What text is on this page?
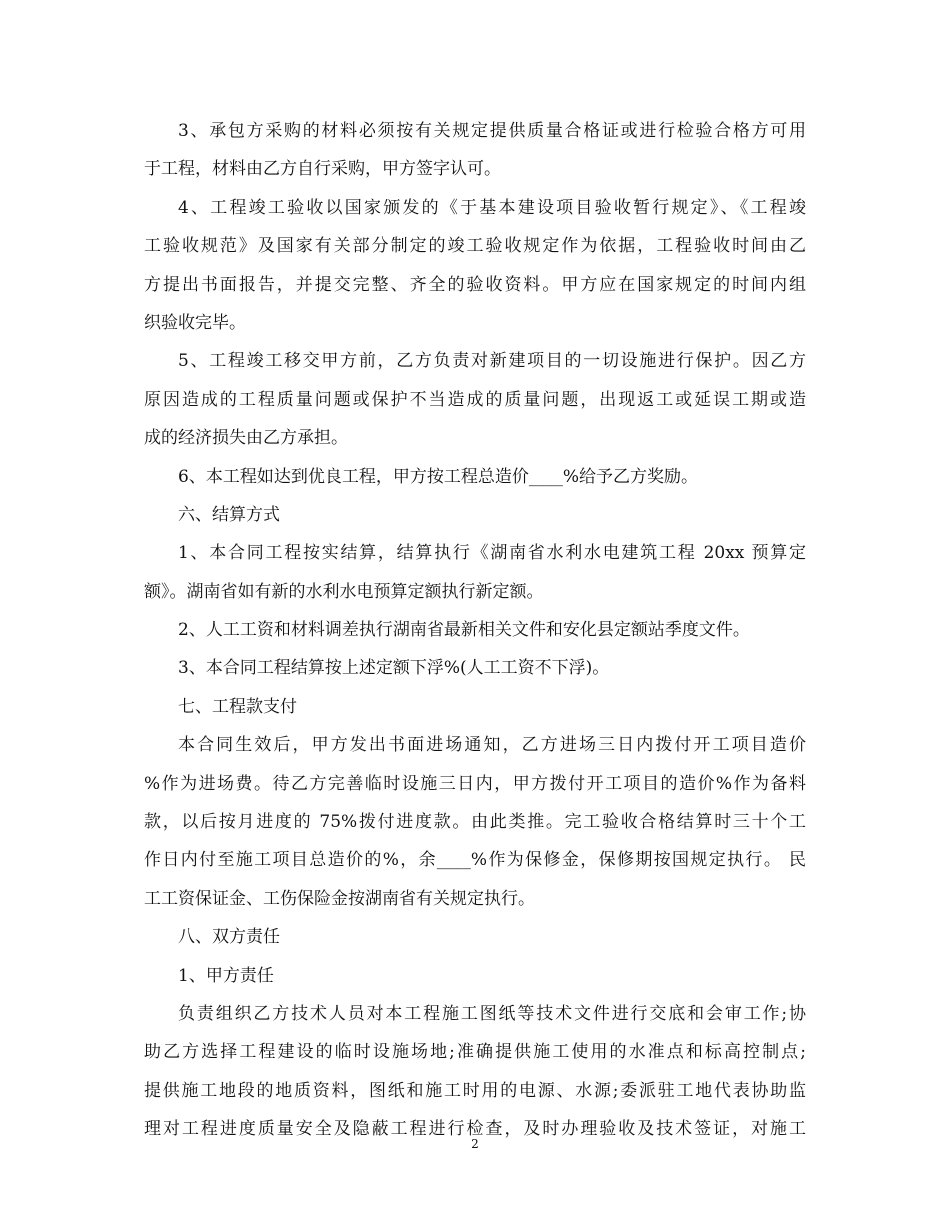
3、承包方采购的材料必须按有关规定提供质量合格证或进行检验合格方可用
于工程，材料由乙方自行采购，甲方签字认可。
4、工程竣工验收以国家颁发的《于基本建设项目验收暂行规定》、《工程竣
工验收规范》及国家有关部分制定的竣工验收规定作为依据，工程验收时间由乙
方提出书面报告，并提交完整、齐全的验收资料。甲方应在国家规定的时间内组
织验收完毕。
5、工程竣工移交甲方前，乙方负责对新建项目的一切设施进行保护。因乙方
原因造成的工程质量问题或保护不当造成的质量问题，出现返工或延误工期或造
成的经济损失由乙方承担。
6、本工程如达到优良工程，甲方按工程总造价____%给予乙方奖励。
六、结算方式
1、本合同工程按实结算，结算执行《湖南省水利水电建筑工程 20xx 预算定
额》。湖南省如有新的水利水电预算定额执行新定额。
2、人工工资和材料调差执行湖南省最新相关文件和安化县定额站季度文件。
3、本合同工程结算按上述定额下浮%(人工工资不下浮)。
七、工程款支付
本合同生效后，甲方发出书面进场通知，乙方进场三日内拨付开工项目造价
%作为进场费。待乙方完善临时设施三日内，甲方拨付开工项目的造价%作为备料
款，以后按月进度的 75%拨付进度款。由此类推。完工验收合格结算时三十个工
作日内付至施工项目总造价的%，余____%作为保修金，保修期按国规定执行。 民
工工资保证金、工伤保险金按湖南省有关规定执行。
八、双方责任
1、甲方责任
负责组织乙方技术人员对本工程施工图纸等技术文件进行交底和会审工作;协
助乙方选择工程建设的临时设施场地;准确提供施工使用的水准点和标高控制点;
提供施工地段的地质资料，图纸和施工时用的电源、水源;委派驻工地代表协助监
理对工程进度质量安全及隐蔽工程进行检查，及时办理验收及技术签证，对施工
2
